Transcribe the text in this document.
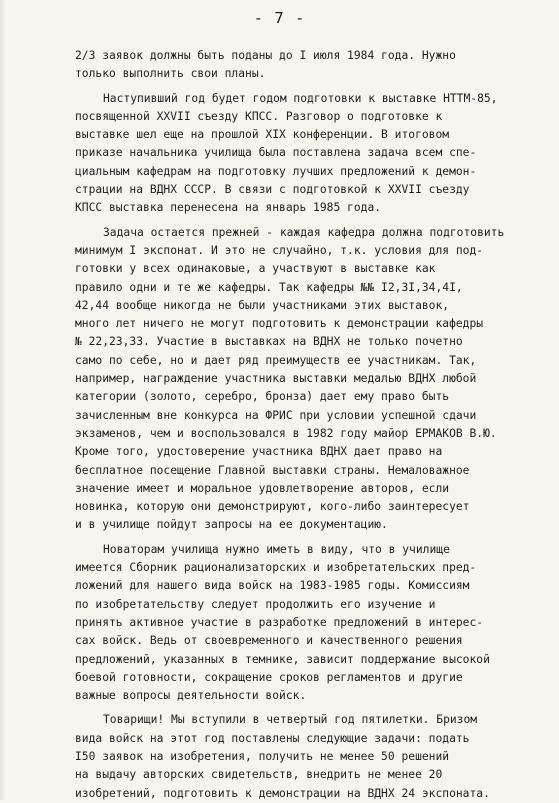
- 7 -
2/3 заявок должны быть поданы до I июля 1984 года. Нужно
только выполнить свои планы.
Наступивший год будет годом подготовки к выставке НТТМ-85,
посвященной XXVII съезду КПСС. Разговор о подготовке к
выставке шел еще на прошлой XIX конференции. В итоговом
приказе начальника училища была поставлена задача всем спе-
циальным кафедрам на подготовку лучших предложений к демон-
страции на ВДНХ СССР. В связи с подготовкой к XXVII съезду
КПСС выставка перенесена на январь 1985 года.
Задача остается прежней - каждая кафедра должна подготовить
минимум I экспонат. И это не случайно, т.к. условия для под-
готовки у всех одинаковые, а участвуют в выставке как
правило одни и те же кафедры. Так кафедры №№ I2,3I,34,4I,
42,44 вообще никогда не были участниками этих выставок,
много лет ничего не могут подготовить к демонстрации кафедры
№ 22,23,33. Участие в выставках на ВДНХ не только почетно
само по себе, но и дает ряд преимуществ ее участникам. Так,
например, награждение участника выставки медалью ВДНХ любой
категории (золото, серебро, бронза) дает ему право быть
зачисленным вне конкурса на ФРИС при условии успешной сдачи
экзаменов, чем и воспользовался в 1982 году майор ЕРМАКОВ В.Ю.
Кроме того, удостоверение участника ВДНХ дает право на
бесплатное посещение Главной выставки страны. Немаловажное
значение имеет и моральное удовлетворение авторов, если
новинка, которую они демонстрируют, кого-либо заинтересует
и в училище пойдут запросы на ее документацию.
Новаторам училища нужно иметь в виду, что в училище
имеется Сборник рационализаторских и изобретательских пред-
ложений для нашего вида войск на 1983-1985 годы. Комиссиям
по изобретательству следует продолжить его изучение и
принять активное участие в разработке предложений в интерес-
сах войск. Ведь от своевременного и качественного решения
предложений, указанных в темнике, зависит поддержание высокой
боевой готовности, сокращение сроков регламентов и другие
важные вопросы деятельности войск.
Товарищи! Мы вступили в четвертый год пятилетки. Бризом
вида войск на этот год поставлены следующие задачи: подать
I50 заявок на изобретения, получить не менее 50 решений
на выдачу авторских свидетельств, внедрить не менее 20
изобретений, подготовить к демонстрации на ВДНХ 24 экспоната.
